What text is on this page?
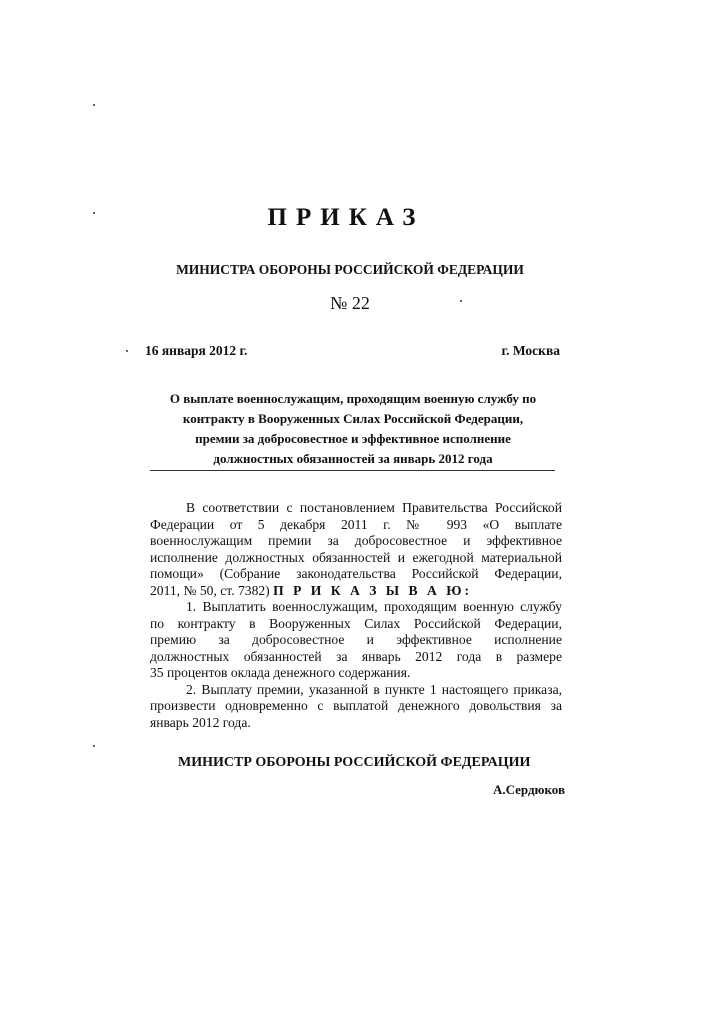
ПРИКАЗ
МИНИСТРА ОБОРОНЫ РОССИЙСКОЙ ФЕДЕРАЦИИ
№ 22
16 января 2012 г.	г. Москва
О выплате военнослужащим, проходящим военную службу по
контракту в Вооруженных Силах Российской Федерации,
премии за добросовестное и эффективное исполнение
должностных обязанностей за январь 2012 года
В соответствии с постановлением Правительства Российской
Федерации от 5 декабря 2011 г. № 993 «О выплате
военнослужащим премии за добросовестное и эффективное
исполнение должностных обязанностей и ежегодной материальной
помощи» (Собрание законодательства Российской Федерации,
2011, № 50, ст. 7382) П Р И К А З Ы В А Ю:
1. Выплатить военнослужащим, проходящим военную службу
по контракту в Вооруженных Силах Российской Федерации,
премию за добросовестное и эффективное исполнение
должностных обязанностей за январь 2012 года в размере
35 процентов оклада денежного содержания.
2. Выплату премии, указанной в пункте 1 настоящего приказа,
произвести одновременно с выплатой денежного довольствия за
январь 2012 года.
МИНИСТР ОБОРОНЫ РОССИЙСКОЙ ФЕДЕРАЦИИ
А.Сердюков
